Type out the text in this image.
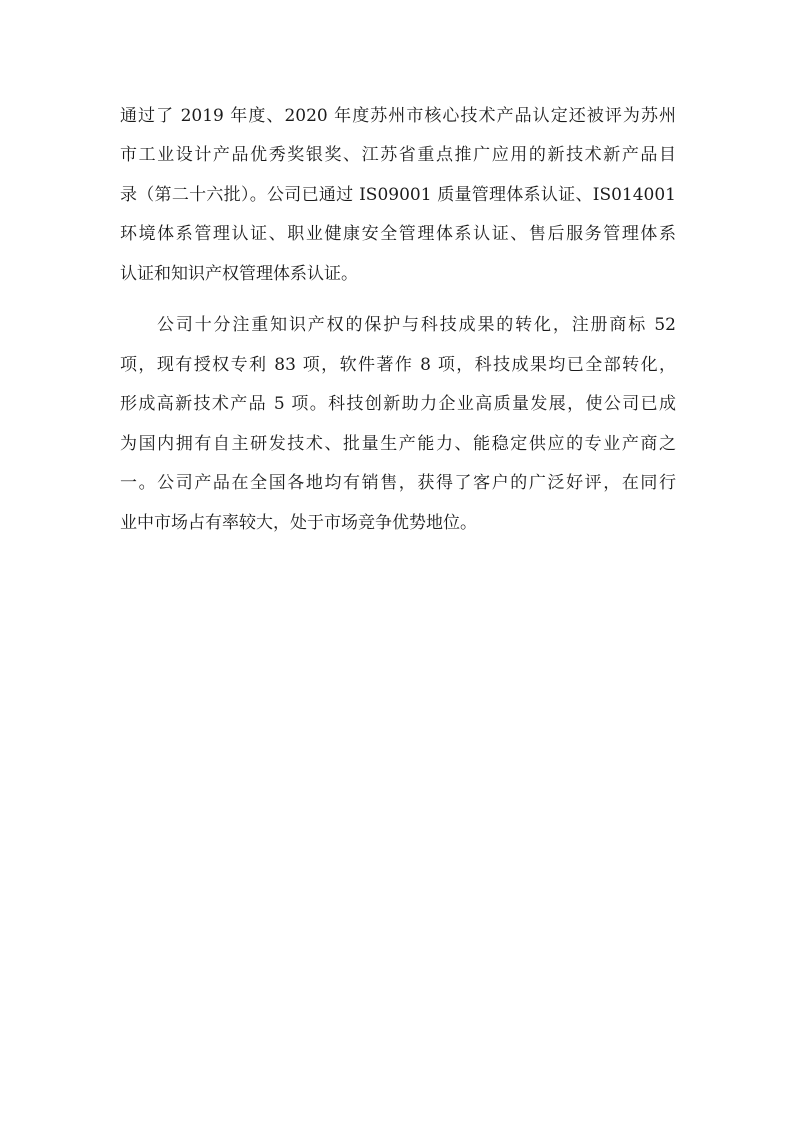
通过了 2019 年度、2020 年度苏州市核心技术产品认定还被评为苏州
市工业设计产品优秀奖银奖、江苏省重点推广应用的新技术新产品目
录（第二十六批）。公司已通过 IS09001 质量管理体系认证、IS014001
环境体系管理认证、职业健康安全管理体系认证、售后服务管理体系
认证和知识产权管理体系认证。
公司十分注重知识产权的保护与科技成果的转化，注册商标 52
项，现有授权专利 83 项，软件著作 8 项，科技成果均已全部转化，
形成高新技术产品 5 项。科技创新助力企业高质量发展，使公司已成
为国内拥有自主研发技术、批量生产能力、能稳定供应的专业产商之
一。公司产品在全国各地均有销售，获得了客户的广泛好评，在同行
业中市场占有率较大，处于市场竞争优势地位。
